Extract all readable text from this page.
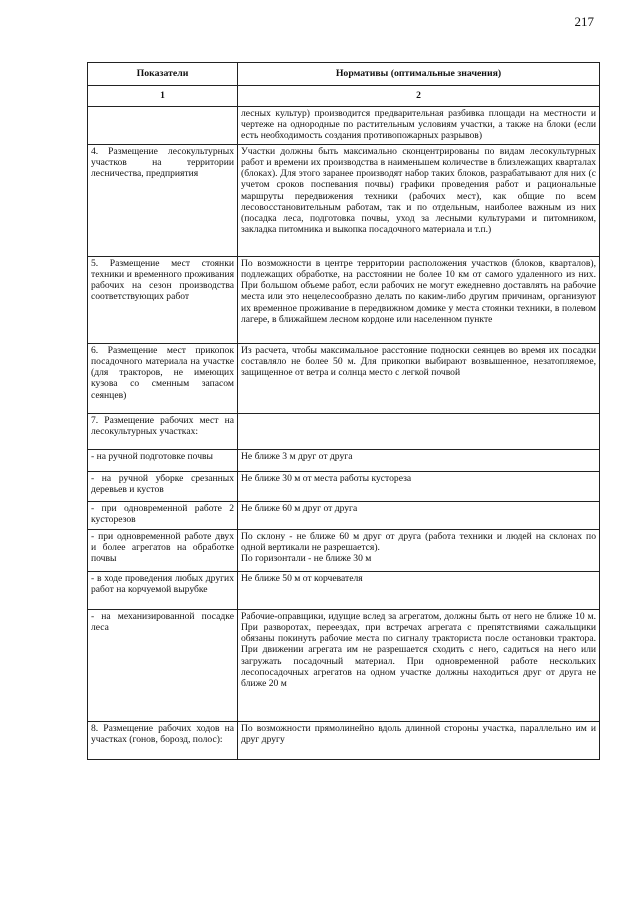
217
Показатели	Нормативы (оптимальные значения)
1	2

	лесных культур) производится предварительная разбивка площади на местности и чертеже на однородные по растительным условиям участки, а также на блоки (если есть необходимость создания противопожарных разрывов)

4. Размещение лесокультурных участков на территории лесничества, предприятия	Участки должны быть максимально сконцентрированы по видам лесокультурных работ и времени их производства в наименьшем количестве в близлежащих кварталах (блоках). Для этого заранее производят набор таких блоков, разрабатывают для них (с учетом сроков поспевания почвы) графики проведения работ и рациональные маршруты передвижения техники (рабочих мест), как общие по всем лесовосстановительным работам, так и по отдельным, наиболее важным из них (посадка леса, подготовка почвы, уход за лесными культурами и питомником, закладка питомника и выкопка посадочного материала и т.п.)

5. Размещение мест стоянки техники и временного проживания рабочих на сезон производства соответствующих работ	По возможности в центре территории расположения участков (блоков, кварталов), подлежащих обработке, на расстоянии не более 10 км от самого удаленного из них. При большом объеме работ, если рабочих не могут ежедневно доставлять на рабочие места или это нецелесообразно делать по каким-либо другим причинам, организуют их временное проживание в передвижном домике у места стоянки техники, в полевом лагере, в ближайшем лесном кордоне или населенном пункте

6. Размещение мест прикопок посадочного материала на участке (для тракторов, не имеющих кузова со сменным запасом сеянцев)	Из расчета, чтобы максимальное расстояние подноски сеянцев во время их посадки составляло не более 50 м. Для прикопки выбирают возвышенное, незатопляемое, защищенное от ветра и солнца место с легкой почвой

7. Размещение рабочих мест на лесокультурных участках:	
- на ручной подготовке почвы	Не ближе 3 м друг от друга

- на ручной уборке срезанных деревьев и кустов	Не ближе 30 м от места работы кустореза

- при одновременной работе 2 кусторезов	Не ближе 60 м друг от друга

- при одновременной работе двух и более агрегатов на обработке почвы	По склону - не ближе 60 м друг от друга (работа техники и людей на склонах по одной вертикали не разрешается).
По горизонтали - не ближе 30 м

- в ходе проведения любых других работ на корчуемой вырубке	Не ближе 50 м от корчевателя

- на механизированной посадке леса	Рабочие-оправщики, идущие вслед за агрегатом, должны быть от него не ближе 10 м. При разворотах, переездах, при встречах агрегата с препятствиями сажальщики обязаны покинуть рабочие места по сигналу тракториста после остановки трактора. При движении агрегата им не разрешается сходить с него, садиться на него или загружать посадочный материал. При одновременной работе нескольких лесопосадочных агрегатов на одном участке должны находиться друг от друга не ближе 20 м

8. Размещение рабочих ходов на участках (гонов, борозд, полос):	По возможности прямолинейно вдоль длинной стороны участка, параллельно им и друг другу
